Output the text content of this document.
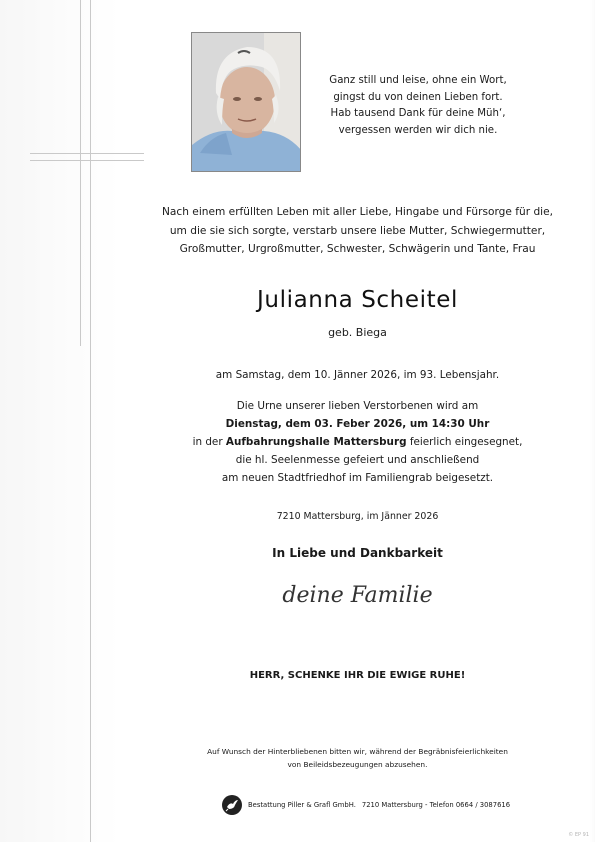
Ganz still und leise, ohne ein Wort,
gingst du von deinen Lieben fort.
Hab tausend Dank für deine Müh‘,
vergessen werden wir dich nie.
Nach einem erfüllten Leben mit aller Liebe, Hingabe und Fürsorge für die,
um die sie sich sorgte, verstarb unsere liebe Mutter, Schwiegermutter,
Großmutter, Urgroßmutter, Schwester, Schwägerin und Tante, Frau
Julianna Scheitel
geb. Biega
am Samstag, dem 10. Jänner 2026, im 93. Lebensjahr.
Die Urne unserer lieben Verstorbenen wird am
Dienstag, dem 03. Feber 2026, um 14:30 Uhr
in der Aufbahrungshalle Mattersburg feierlich eingesegnet,
die hl. Seelenmesse gefeiert und anschließend
am neuen Stadtfriedhof im Familiengrab beigesetzt.
7210 Mattersburg, im Jänner 2026
In Liebe und Dankbarkeit
deine Familie
HERR, SCHENKE IHR DIE EWIGE RUHE!
Auf Wunsch der Hinterbliebenen bitten wir, während der Begräbnisfeierlichkeiten
von Beileidsbezeugungen abzusehen.
Bestattung Piller & Grafl GmbH. 7210 Mattersburg - Telefon 0664 / 3087616
© EP 91
